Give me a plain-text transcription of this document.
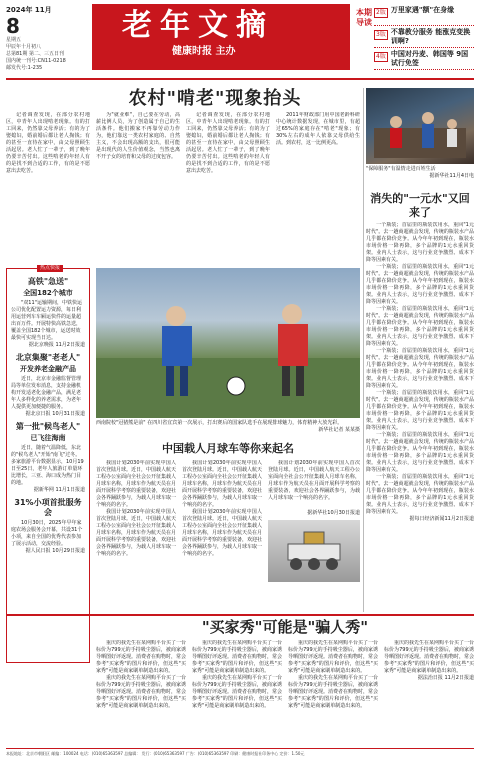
2024年 11月
8
星期五
甲辰年十月初八
总第81期 第二、三五日刊
国内统一刊号:CN11-0218
邮发代号:1-235
老年文摘
健康时报 主办
本期导读
2版 万里家遇"额"在身缘
3版 不靠教分服务 能涨克变换训啊?
4版 中国对丹麦、韩国等 9国试行免签
农村"啃老"现象抬头

记者调查发现，在部分农村地区，中青年人出现啃老现象。有的打工回来，仍然靠父母养活；有的为了娶媳妇，婚前婚后都让老人掏钱；有的甚至一直待在家中，由父母照顾生活起居。老人忙了一辈子，到了晚年仍要辛苦付出。这些啃老的年轻人有的是找不到合适的工作，有的是不愿意出去吃苦。

为"就业难"，自己要在劳动，高薪比例人员，为了创造属于自己的生活条件。他们搬家不再靠劳动力作为，他们靠这一类农村家庭的、自然主义，不会出现高额的支出，很可能是出现代的人生价值观念，当然也离不开子女的培育和父母的过度包容。

记者调查发现，在部分农村地区，中青年人出现啃老现象。有的打工回来，仍然靠父母养活；有的为了娶媳妇，婚前婚后都让老人掏钱；有的甚至一直待在家中，由父母照顾生活起居。老人忙了一辈子，到了晚年仍要辛苦付出。这些啃老的年轻人有的是找不到合适的工作，有的是不愿意出去吃苦。

2011年财政部门用中国老龄科研中心统计数据发现，在城市里，有超过65%的家庭存在"啃老"现象；有30%左右的成年人依靠父母供给生活。到农村，这一比例更高。

"保障服务"有温情走进百姓生活
据新华社11月4日电
消失的"一元水"又回来了

一个瓶装；首届里的瓶装饮用水，重回"1元时代"。去一趟商超就会发现，传统的瓶装水产品几乎都在降价竞争。从今年年初到现在，瓶装水市场价格一降再降，多个品牌的1元水重回货架。业内人士表示，这与行业竞争激烈、成本下降等因素有关。

一个瓶装；首届里的瓶装饮用水，重回"1元时代"。去一趟商超就会发现，传统的瓶装水产品几乎都在降价竞争。从今年年初到现在，瓶装水市场价格一降再降，多个品牌的1元水重回货架。业内人士表示，这与行业竞争激烈、成本下降等因素有关。

一个瓶装；首届里的瓶装饮用水，重回"1元时代"。去一趟商超就会发现，传统的瓶装水产品几乎都在降价竞争。从今年年初到现在，瓶装水市场价格一降再降，多个品牌的1元水重回货架。业内人士表示，这与行业竞争激烈、成本下降等因素有关。

一个瓶装；首届里的瓶装饮用水，重回"1元时代"。去一趟商超就会发现，传统的瓶装水产品几乎都在降价竞争。从今年年初到现在，瓶装水市场价格一降再降，多个品牌的1元水重回货架。业内人士表示，这与行业竞争激烈、成本下降等因素有关。

一个瓶装；首届里的瓶装饮用水，重回"1元时代"。去一趟商超就会发现，传统的瓶装水产品几乎都在降价竞争。从今年年初到现在，瓶装水市场价格一降再降，多个品牌的1元水重回货架。业内人士表示，这与行业竞争激烈、成本下降等因素有关。

一个瓶装；首届里的瓶装饮用水，重回"1元时代"。去一趟商超就会发现，传统的瓶装水产品几乎都在降价竞争。从今年年初到现在，瓶装水市场价格一降再降，多个品牌的1元水重回货架。业内人士表示，这与行业竞争激烈、成本下降等因素有关。

一个瓶装；首届里的瓶装饮用水，重回"1元时代"。去一趟商超就会发现，传统的瓶装水产品几乎都在降价竞争。从今年年初到现在，瓶装水市场价格一降再降，多个品牌的1元水重回货架。业内人士表示，这与行业竞争激烈、成本下降等因素有关。

据每日经济新闻11月2日报道
热点快报
高铁"急送"
全国182个城市

"双11"运输期间，中铁快运公司优化配置运力资源，每日利用运营列车车厢运快件的运量超出百万件。开展特快高铁急送，覆盖全国182个城市，运送时效最快可实现当日达。

据北京晚报 11月2日报道
北京集聚"老老人"
开发养老金融产品

近日，北京市金融监督管理局等单位发布消息，支持金融机构开发适老化金融产品，满足老年人多样化的养老需求，为老年人提供更加便捷的服务。

据北京日报 10月31日报道
第一批"候鸟老人"
已飞往海南

近日，随着气温降低，东北的"候鸟老人"开始"南飞"过冬。多家旅游平台数据显示，10月19日至25日，老年人旅游订单量环比增长，三亚、海口成为热门目的地。

据新华网 11月1日报道
31%小项首批服务会

10月30日，2025年早年家庭农场会服务会开幕，共设31个小项，来自全国的优秀代表参加了展示活动，交流经验。

据人民日报 10月29日报道
西南院校"冠猪熊是前" 在四川省宜宾第一次展示，打出赛后的国家队选手在展现排球魅力，体育精神大放光彩。
新华社记者 某某摄
中国载人月球车等你来起名

我国计划2030年前实现中国人首次登陆月球。近日，中国载人航天工程办公室面向全社会公开征集载人月球车名称，月球车作为航天员在月面开展科学考察的重要装备，欢迎社会各界踊跃参与，为载人月球车取一个响亮的名字。

我国计划2030年前实现中国人首次登陆月球。近日，中国载人航天工程办公室面向全社会公开征集载人月球车名称，月球车作为航天员在月面开展科学考察的重要装备，欢迎社会各界踊跃参与，为载人月球车取一个响亮的名字。

我国计划2030年前实现中国人首次登陆月球。近日，中国载人航天工程办公室面向全社会公开征集载人月球车名称，月球车作为航天员在月面开展科学考察的重要装备，欢迎社会各界踊跃参与，为载人月球车取一个响亮的名字。

我国计划2030年前实现中国人首次登陆月球。近日，中国载人航天工程办公室面向全社会公开征集载人月球车名称，月球车作为航天员在月面开展科学考察的重要装备，欢迎社会各界踊跃参与，为载人月球车取一个响亮的名字。

我国计划2030年前实现中国人首次登陆月球。近日，中国载人航天工程办公室面向全社会公开征集载人月球车名称，月球车作为航天员在月面开展科学考察的重要装备，欢迎社会各界踊跃参与，为载人月球车取一个响亮的名字。

据新华社10月30日报道
"买家秀"可能是"骗人秀"

重庆的我先生在某网购平台买了一台标价为799元的手持吸尘器后，被商家诱导晒图好评返现。消费者在购物时，常会参考"买家秀"的图片和评价，但这些"买家秀"可能是商家刷单制造出来的。

重庆的我先生在某网购平台买了一台标价为799元的手持吸尘器后，被商家诱导晒图好评返现。消费者在购物时，常会参考"买家秀"的图片和评价，但这些"买家秀"可能是商家刷单制造出来的。

重庆的我先生在某网购平台买了一台标价为799元的手持吸尘器后，被商家诱导晒图好评返现。消费者在购物时，常会参考"买家秀"的图片和评价，但这些"买家秀"可能是商家刷单制造出来的。

重庆的我先生在某网购平台买了一台标价为799元的手持吸尘器后，被商家诱导晒图好评返现。消费者在购物时，常会参考"买家秀"的图片和评价，但这些"买家秀"可能是商家刷单制造出来的。

重庆的我先生在某网购平台买了一台标价为799元的手持吸尘器后，被商家诱导晒图好评返现。消费者在购物时，常会参考"买家秀"的图片和评价，但这些"买家秀"可能是商家刷单制造出来的。

重庆的我先生在某网购平台买了一台标价为799元的手持吸尘器后，被商家诱导晒图好评返现。消费者在购物时，常会参考"买家秀"的图片和评价，但这些"买家秀"可能是商家刷单制造出来的。

重庆的我先生在某网购平台买了一台标价为799元的手持吸尘器后，被商家诱导晒图好评返现。消费者在购物时，常会参考"买家秀"的图片和评价，但这些"买家秀"可能是商家刷单制造出来的。

据法治日报 11月2日报道
本报地址：北京市朝阳区 邮编：100024 电话：(010)65363597 总编辑： 发行：(010)65363597 广告：(010)65363597 印刷：健康时报社印务中心 定价：1.50元
